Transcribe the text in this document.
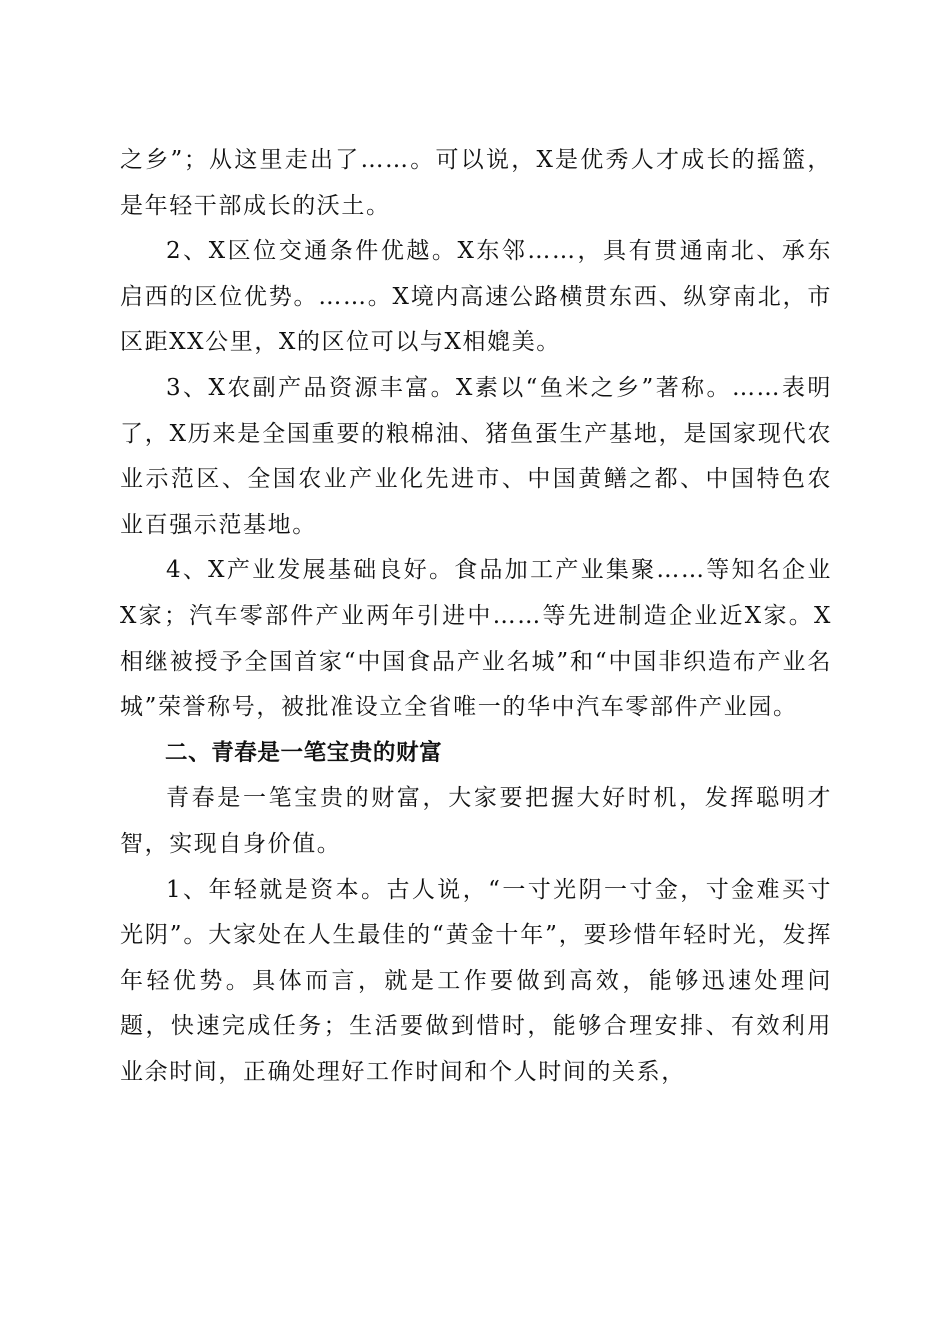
之乡”；从这里走出了……。可以说，X是优秀人才成长的摇篮，是年轻干部成长的沃土。

2、X区位交通条件优越。X东邻……，具有贯通南北、承东启西的区位优势。……。X境内高速公路横贯东西、纵穿南北，市区距XX公里，X的区位可以与X相媲美。

3、X农副产品资源丰富。X素以“鱼米之乡”著称。……表明了，X历来是全国重要的粮棉油、猪鱼蛋生产基地，是国家现代农业示范区、全国农业产业化先进市、中国黄鳝之都、中国特色农业百强示范基地。

4、X产业发展基础良好。食品加工产业集聚……等知名企业X家；汽车零部件产业两年引进中……等先进制造企业近X家。X相继被授予全国首家“中国食品产业名城”和“中国非织造布产业名城”荣誉称号，被批准设立全省唯一的华中汽车零部件产业园。

二、青春是一笔宝贵的财富

青春是一笔宝贵的财富，大家要把握大好时机，发挥聪明才智，实现自身价值。

1、年轻就是资本。古人说，“一寸光阴一寸金，寸金难买寸光阴”。大家处在人生最佳的“黄金十年”，要珍惜年轻时光，发挥年轻优势。具体而言，就是工作要做到高效，能够迅速处理问题，快速完成任务；生活要做到惜时，能够合理安排、有效利用业余时间，正确处理好工作时间和个人时间的关系，
